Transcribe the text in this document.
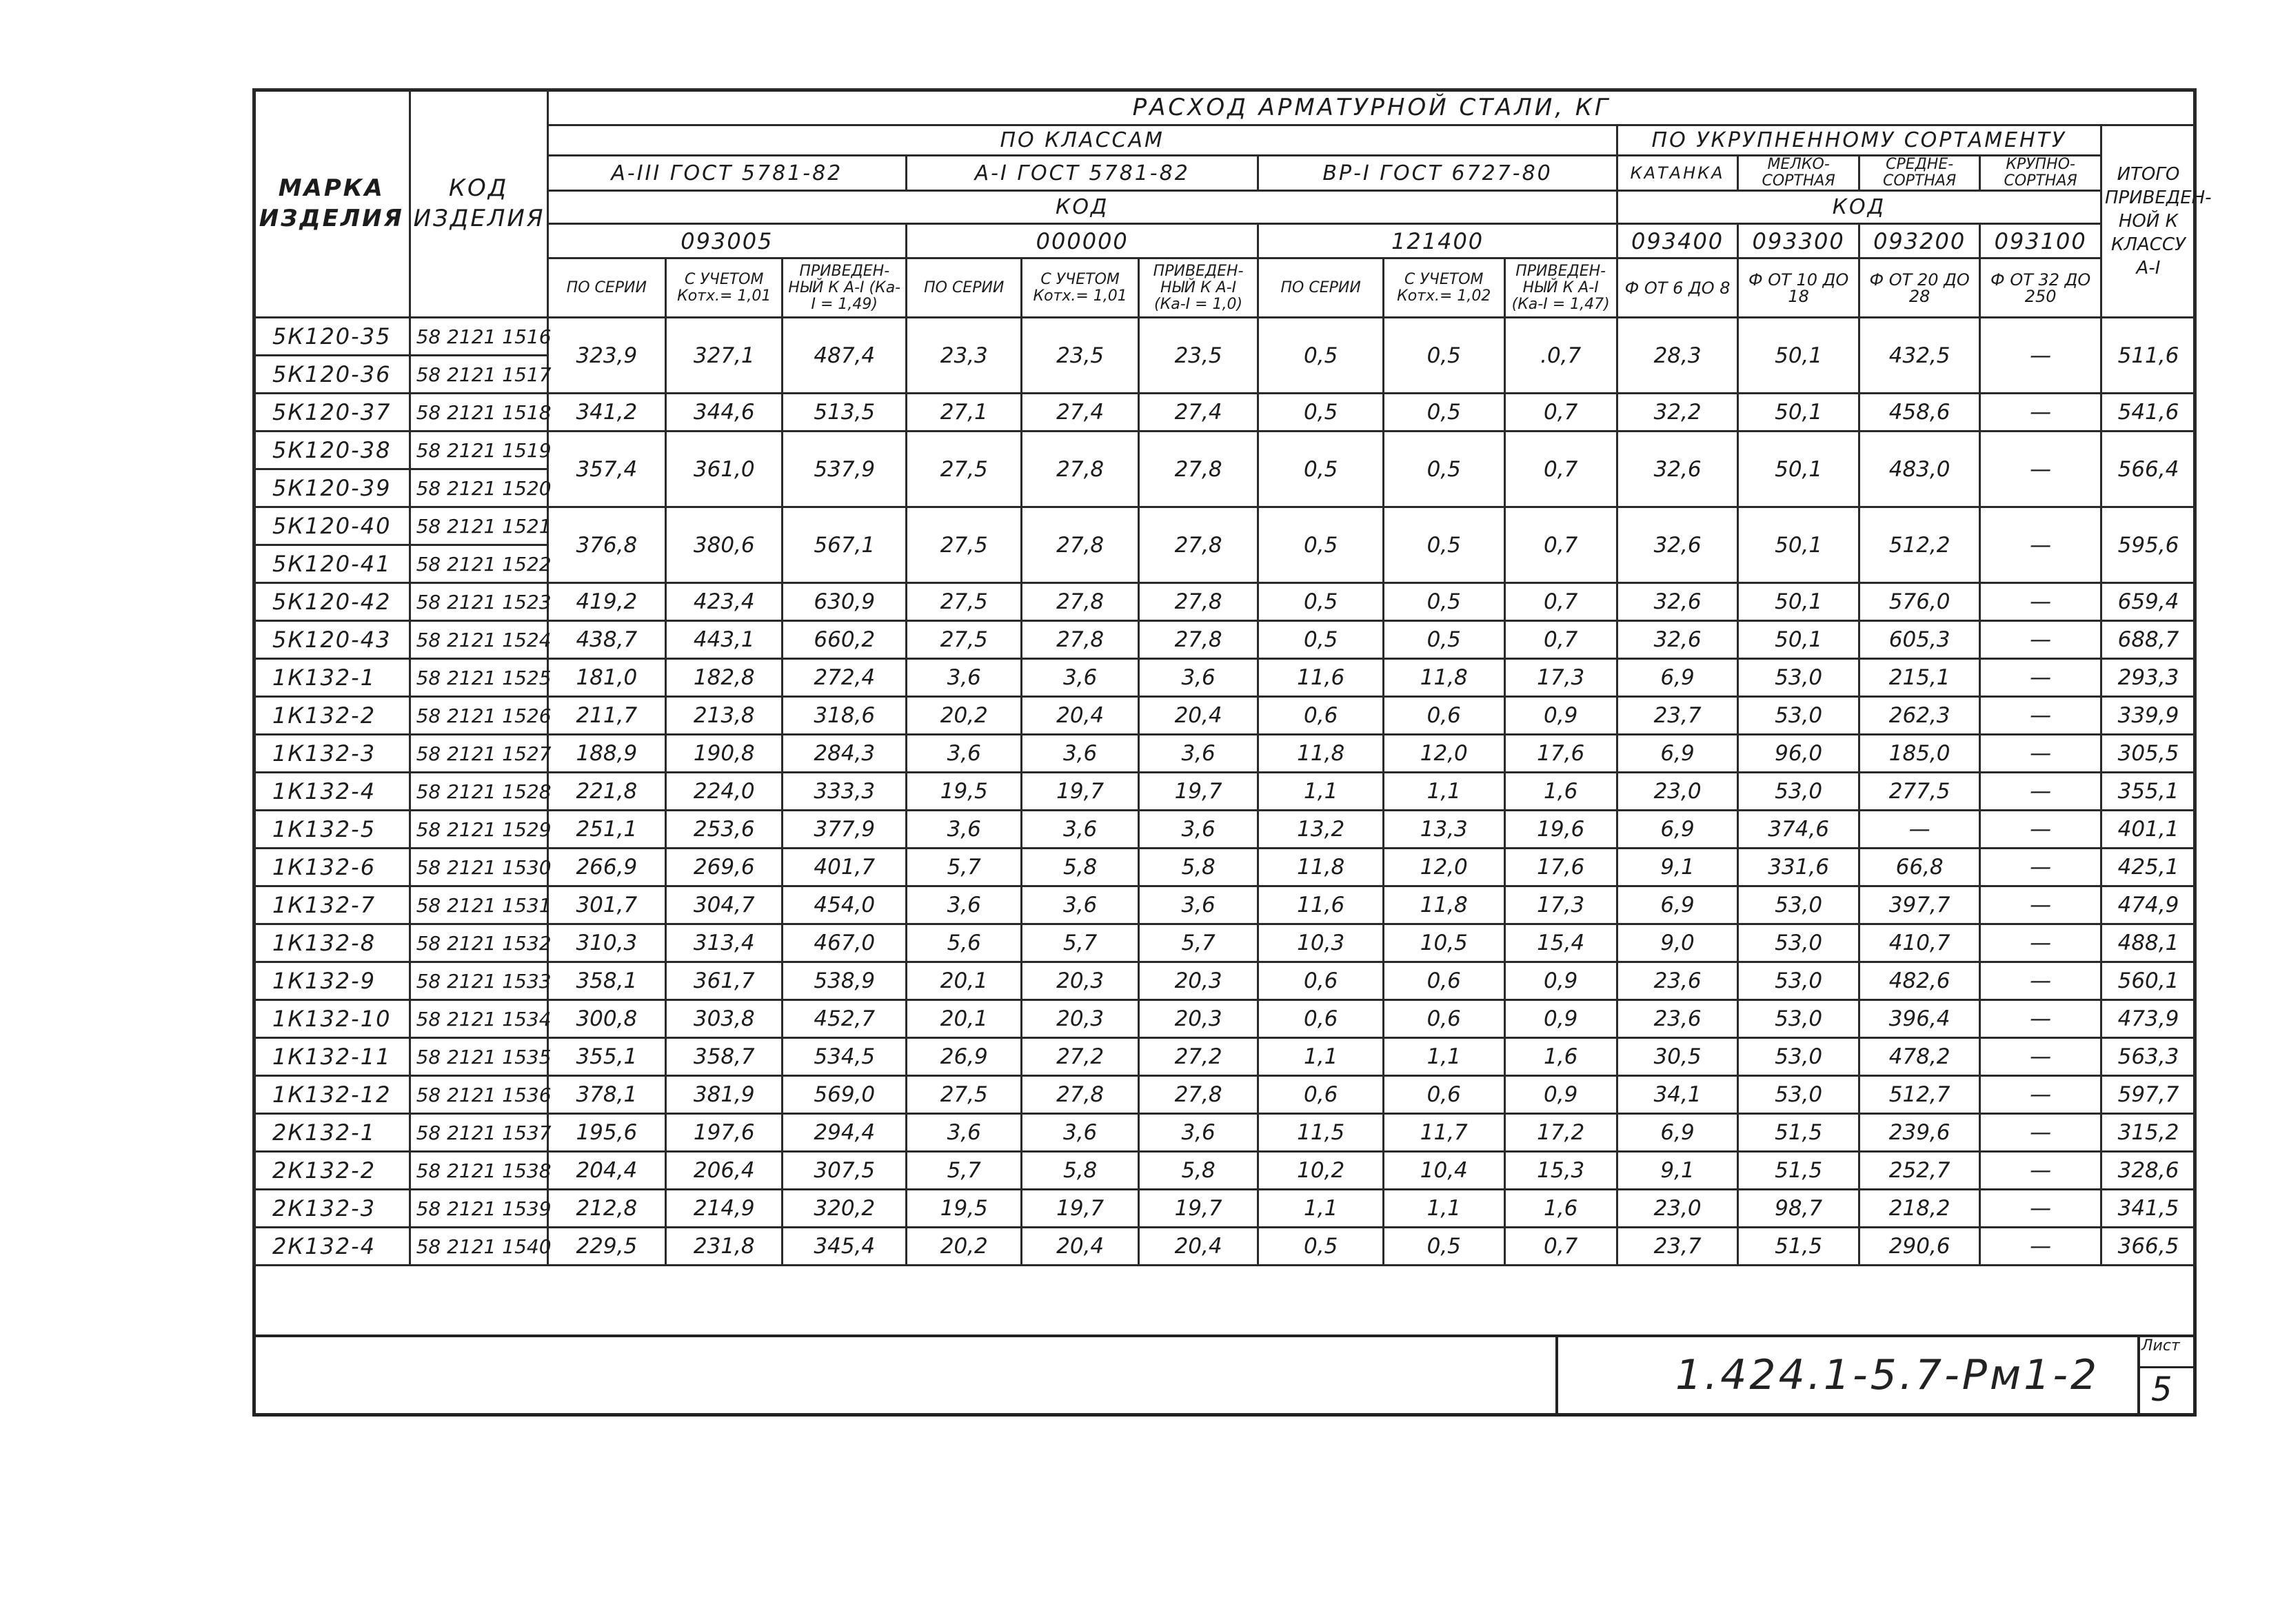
МАРКА ИЗДЕЛИЯ	КОД ИЗДЕЛИЯ	РАСХОД АРМАТУРНОЙ СТАЛИ, КГ													
		ПО КЛАССАМ									ПО УКРУПНЕННОМУ СОРТАМЕНТУ				ИТОГО ПРИВЕДЕН-НОЙ К КЛАССУ А-I
		А-III ГОСТ 5781-82			А-I ГОСТ 5781-82			ВР-I ГОСТ 6727-80			КАТАНКА	МЕЛКО-СОРТНАЯ	СРЕДНЕ-СОРТНАЯ	КРУПНО-СОРТНАЯ	
		КОД									КОД				
		093005			000000			121400			093400	093300	093200	093100	
		ПО СЕРИИ	С УЧЕТОМ Котх.= 1,01	ПРИВЕДЕН-НЫЙ К А-I (Кa-I = 1,49)	ПО СЕРИИ	С УЧЕТОМ Котх.= 1,01	ПРИВЕДЕН-НЫЙ К А-I (Кa-I = 1,0)	ПО СЕРИИ	С УЧЕТОМ Котх.= 1,02	ПРИВЕДЕН-НЫЙ К А-I (Кa-I = 1,47)	Ф ОТ 6 ДО 8	Ф ОТ 10 ДО 18	Ф ОТ 20 ДО 28	Ф ОТ 32 ДО 250	

5К120-35	58 2121 1516	323,9	327,1	487,4	23,3	23,5	23,5	0,5	0,5	.0,7	28,3	50,1	432,5	—	511,6
5К120-36	58 2121 1517														
5К120-37	58 2121 1518	341,2	344,6	513,5	27,1	27,4	27,4	0,5	0,5	0,7	32,2	50,1	458,6	—	541,6
5К120-38	58 2121 1519	357,4	361,0	537,9	27,5	27,8	27,8	0,5	0,5	0,7	32,6	50,1	483,0	—	566,4
5К120-39	58 2121 1520														
5К120-40	58 2121 1521	376,8	380,6	567,1	27,5	27,8	27,8	0,5	0,5	0,7	32,6	50,1	512,2	—	595,6
5К120-41	58 2121 1522														
5К120-42	58 2121 1523	419,2	423,4	630,9	27,5	27,8	27,8	0,5	0,5	0,7	32,6	50,1	576,0	—	659,4
5К120-43	58 2121 1524	438,7	443,1	660,2	27,5	27,8	27,8	0,5	0,5	0,7	32,6	50,1	605,3	—	688,7
1К132-1	58 2121 1525	181,0	182,8	272,4	3,6	3,6	3,6	11,6	11,8	17,3	6,9	53,0	215,1	—	293,3
1К132-2	58 2121 1526	211,7	213,8	318,6	20,2	20,4	20,4	0,6	0,6	0,9	23,7	53,0	262,3	—	339,9
1К132-3	58 2121 1527	188,9	190,8	284,3	3,6	3,6	3,6	11,8	12,0	17,6	6,9	96,0	185,0	—	305,5
1К132-4	58 2121 1528	221,8	224,0	333,3	19,5	19,7	19,7	1,1	1,1	1,6	23,0	53,0	277,5	—	355,1
1К132-5	58 2121 1529	251,1	253,6	377,9	3,6	3,6	3,6	13,2	13,3	19,6	6,9	374,6	—	—	401,1
1К132-6	58 2121 1530	266,9	269,6	401,7	5,7	5,8	5,8	11,8	12,0	17,6	9,1	331,6	66,8	—	425,1
1К132-7	58 2121 1531	301,7	304,7	454,0	3,6	3,6	3,6	11,6	11,8	17,3	6,9	53,0	397,7	—	474,9
1К132-8	58 2121 1532	310,3	313,4	467,0	5,6	5,7	5,7	10,3	10,5	15,4	9,0	53,0	410,7	—	488,1
1К132-9	58 2121 1533	358,1	361,7	538,9	20,1	20,3	20,3	0,6	0,6	0,9	23,6	53,0	482,6	—	560,1
1К132-10	58 2121 1534	300,8	303,8	452,7	20,1	20,3	20,3	0,6	0,6	0,9	23,6	53,0	396,4	—	473,9
1К132-11	58 2121 1535	355,1	358,7	534,5	26,9	27,2	27,2	1,1	1,1	1,6	30,5	53,0	478,2	—	563,3
1К132-12	58 2121 1536	378,1	381,9	569,0	27,5	27,8	27,8	0,6	0,6	0,9	34,1	53,0	512,7	—	597,7
2К132-1	58 2121 1537	195,6	197,6	294,4	3,6	3,6	3,6	11,5	11,7	17,2	6,9	51,5	239,6	—	315,2
2К132-2	58 2121 1538	204,4	206,4	307,5	5,7	5,8	5,8	10,2	10,4	15,3	9,1	51,5	252,7	—	328,6
2К132-3	58 2121 1539	212,8	214,9	320,2	19,5	19,7	19,7	1,1	1,1	1,6	23,0	98,7	218,2	—	341,5
2К132-4	58 2121 1540	229,5	231,8	345,4	20,2	20,4	20,4	0,5	0,5	0,7	23,7	51,5	290,6	—	366,5
1.424.1-5.7-Рм1-2
Лист
5
